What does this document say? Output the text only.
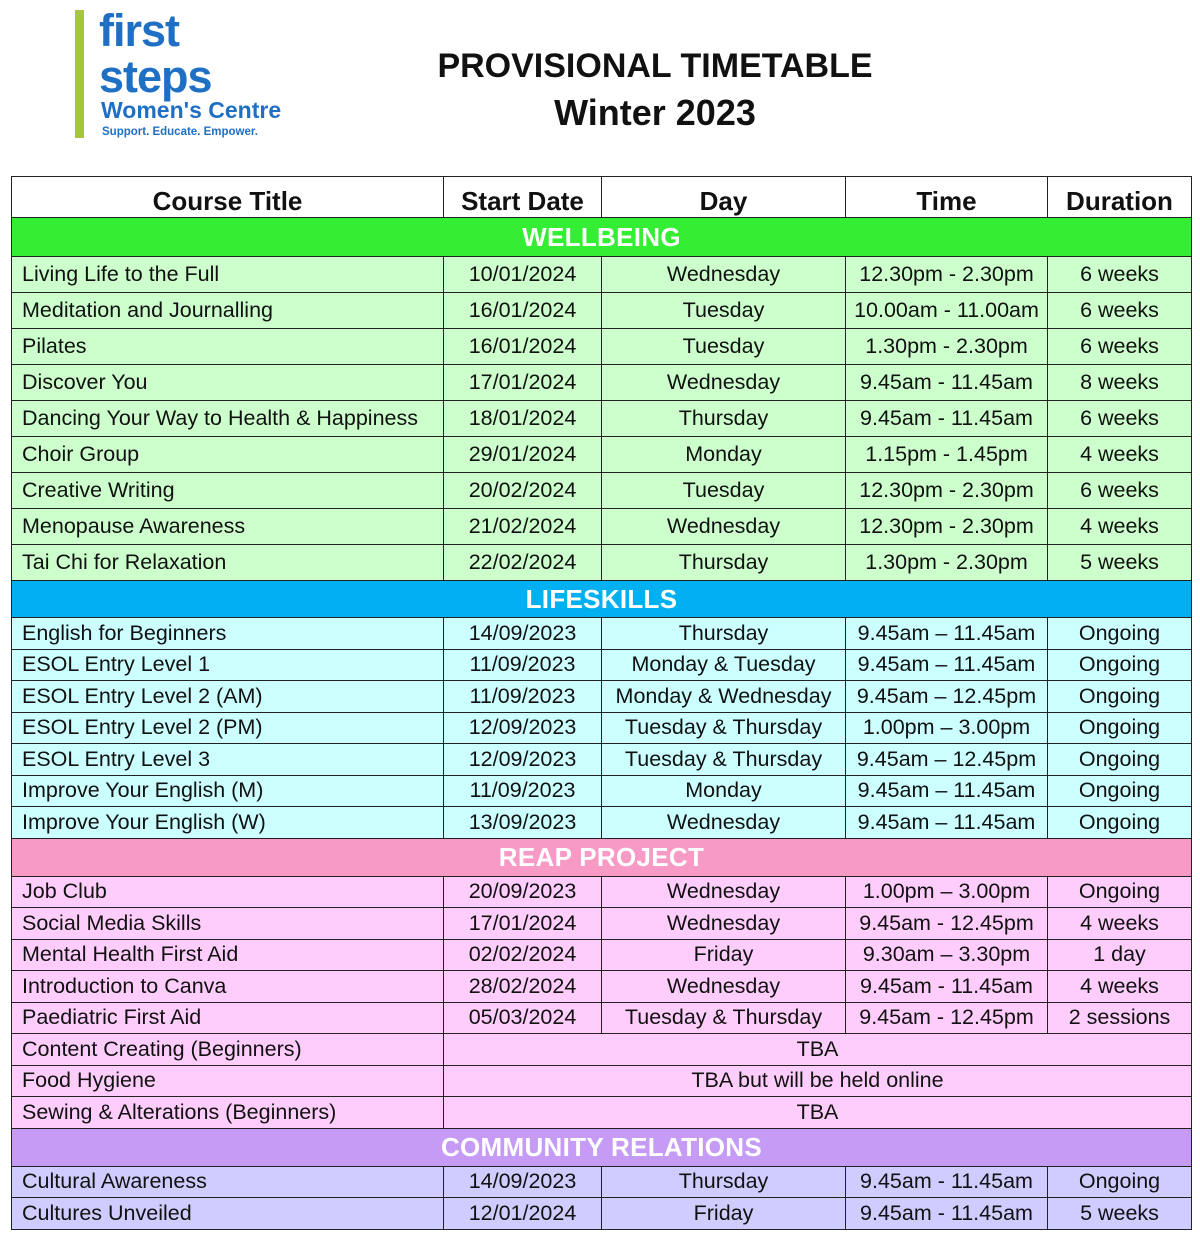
first
steps
Women's Centre
Support. Educate. Empower.
PROVISIONAL TIMETABLE
Winter 2023
Course Title	Start Date	Day	Time	Duration
WELLBEING				
Living Life to the Full	10/01/2024	Wednesday	12.30pm - 2.30pm	6 weeks
Meditation and Journalling	16/01/2024	Tuesday	10.00am - 11.00am	6 weeks
Pilates	16/01/2024	Tuesday	1.30pm - 2.30pm	6 weeks
Discover You	17/01/2024	Wednesday	9.45am - 11.45am	8 weeks
Dancing Your Way to Health & Happiness	18/01/2024	Thursday	9.45am - 11.45am	6 weeks
Choir Group	29/01/2024	Monday	1.15pm - 1.45pm	4 weeks
Creative Writing	20/02/2024	Tuesday	12.30pm - 2.30pm	6 weeks
Menopause Awareness	21/02/2024	Wednesday	12.30pm - 2.30pm	4 weeks
Tai Chi for Relaxation	22/02/2024	Thursday	1.30pm - 2.30pm	5 weeks
LIFESKILLS				
English for Beginners	14/09/2023	Thursday	9.45am – 11.45am	Ongoing
ESOL Entry Level 1	11/09/2023	Monday & Tuesday	9.45am – 11.45am	Ongoing
ESOL Entry Level 2 (AM)	11/09/2023	Monday & Wednesday	9.45am – 12.45pm	Ongoing
ESOL Entry Level 2 (PM)	12/09/2023	Tuesday & Thursday	1.00pm – 3.00pm	Ongoing
ESOL Entry Level 3	12/09/2023	Tuesday & Thursday	9.45am – 12.45pm	Ongoing
Improve Your English (M)	11/09/2023	Monday	9.45am – 11.45am	Ongoing
Improve Your English (W)	13/09/2023	Wednesday	9.45am – 11.45am	Ongoing
REAP PROJECT				
Job Club	20/09/2023	Wednesday	1.00pm – 3.00pm	Ongoing
Social Media Skills	17/01/2024	Wednesday	9.45am - 12.45pm	4 weeks
Mental Health First Aid	02/02/2024	Friday	9.30am – 3.30pm	1 day
Introduction to Canva	28/02/2024	Wednesday	9.45am - 11.45am	4 weeks
Paediatric First Aid	05/03/2024	Tuesday & Thursday	9.45am - 12.45pm	2 sessions
Content Creating (Beginners)	TBA			
Food Hygiene	TBA but will be held online			
Sewing & Alterations (Beginners)	TBA			
COMMUNITY RELATIONS				
Cultural Awareness	14/09/2023	Thursday	9.45am - 11.45am	Ongoing
Cultures Unveiled	12/01/2024	Friday	9.45am - 11.45am	5 weeks
